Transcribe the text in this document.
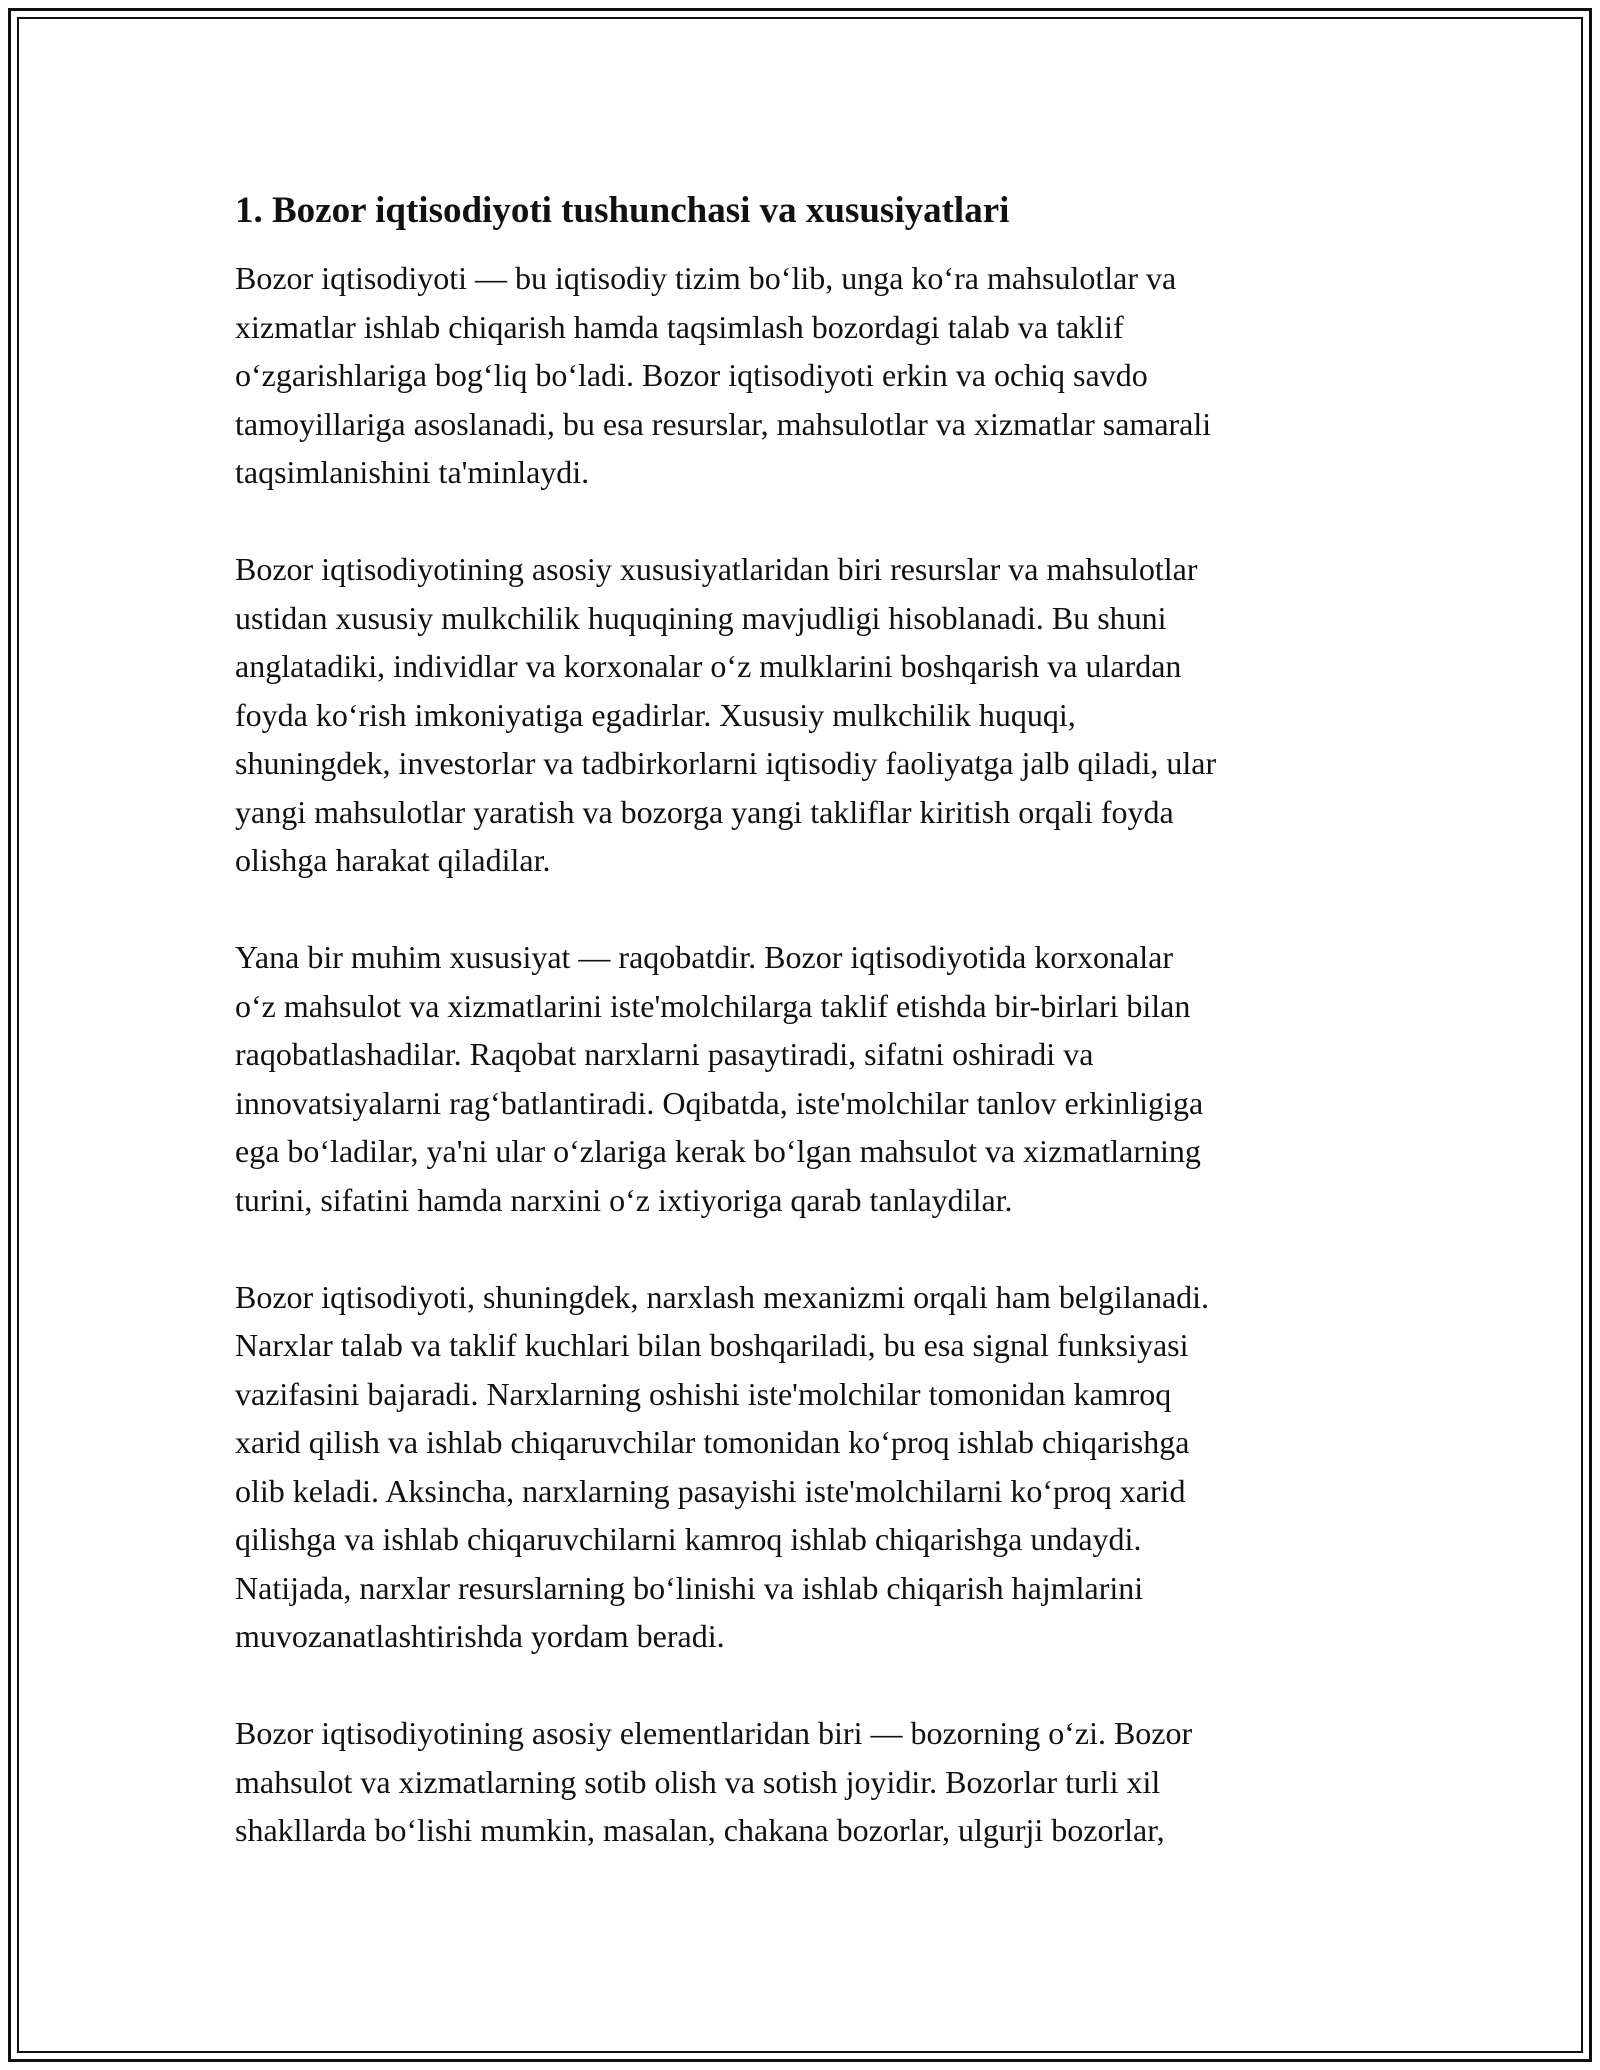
1. Bozor iqtisodiyoti tushunchasi va xususiyatlari

Bozor iqtisodiyoti — bu iqtisodiy tizim bo‘lib, unga ko‘ra mahsulotlar va
xizmatlar ishlab chiqarish hamda taqsimlash bozordagi talab va taklif
o‘zgarishlariga bog‘liq bo‘ladi. Bozor iqtisodiyoti erkin va ochiq savdo
tamoyillariga asoslanadi, bu esa resurslar, mahsulotlar va xizmatlar samarali
taqsimlanishini ta'minlaydi.

Bozor iqtisodiyotining asosiy xususiyatlaridan biri resurslar va mahsulotlar
ustidan xususiy mulkchilik huquqining mavjudligi hisoblanadi. Bu shuni
anglatadiki, individlar va korxonalar o‘z mulklarini boshqarish va ulardan
foyda ko‘rish imkoniyatiga egadirlar. Xususiy mulkchilik huquqi,
shuningdek, investorlar va tadbirkorlarni iqtisodiy faoliyatga jalb qiladi, ular
yangi mahsulotlar yaratish va bozorga yangi takliflar kiritish orqali foyda
olishga harakat qiladilar.

Yana bir muhim xususiyat — raqobatdir. Bozor iqtisodiyotida korxonalar
o‘z mahsulot va xizmatlarini iste'molchilarga taklif etishda bir-birlari bilan
raqobatlashadilar. Raqobat narxlarni pasaytiradi, sifatni oshiradi va
innovatsiyalarni rag‘batlantiradi. Oqibatda, iste'molchilar tanlov erkinligiga
ega bo‘ladilar, ya'ni ular o‘zlariga kerak bo‘lgan mahsulot va xizmatlarning
turini, sifatini hamda narxini o‘z ixtiyoriga qarab tanlaydilar.

Bozor iqtisodiyoti, shuningdek, narxlash mexanizmi orqali ham belgilanadi.
Narxlar talab va taklif kuchlari bilan boshqariladi, bu esa signal funksiyasi
vazifasini bajaradi. Narxlarning oshishi iste'molchilar tomonidan kamroq
xarid qilish va ishlab chiqaruvchilar tomonidan ko‘proq ishlab chiqarishga
olib keladi. Aksincha, narxlarning pasayishi iste'molchilarni ko‘proq xarid
qilishga va ishlab chiqaruvchilarni kamroq ishlab chiqarishga undaydi.
Natijada, narxlar resurslarning bo‘linishi va ishlab chiqarish hajmlarini
muvozanatlashtirishda yordam beradi.

Bozor iqtisodiyotining asosiy elementlaridan biri — bozorning o‘zi. Bozor
mahsulot va xizmatlarning sotib olish va sotish joyidir. Bozorlar turli xil
shakllarda bo‘lishi mumkin, masalan, chakana bozorlar, ulgurji bozorlar,
